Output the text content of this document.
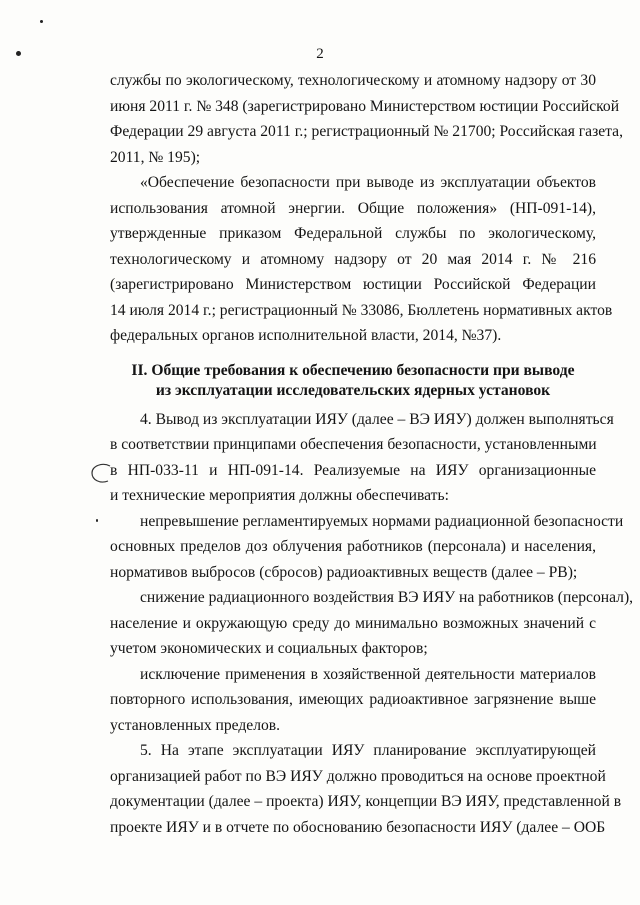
2
службы по экологическому, технологическому и атомному надзору от 30
июня 2011 г. № 348 (зарегистрировано Министерством юстиции Российской
Федерации 29 августа 2011 г.; регистрационный № 21700; Российская газета,
2011, № 195);
«Обеспечение безопасности при выводе из эксплуатации объектов
использования атомной энергии. Общие положения» (НП-091-14),
утвержденные приказом Федеральной службы по экологическому,
технологическому и атомному надзору от 20 мая 2014 г. № 216
(зарегистрировано Министерством юстиции Российской Федерации
14 июля 2014 г.; регистрационный № 33086, Бюллетень нормативных актов
федеральных органов исполнительной власти, 2014, №37).
II. Общие требования к обеспечению безопасности при выводе
из эксплуатации исследовательских ядерных установок
4. Вывод из эксплуатации ИЯУ (далее – ВЭ ИЯУ) должен выполняться
в соответствии принципами обеспечения безопасности, установленными
в НП-033-11 и НП-091-14. Реализуемые на ИЯУ организационные
и технические мероприятия должны обеспечивать:
непревышение регламентируемых нормами радиационной безопасности
основных пределов доз облучения работников (персонала) и населения,
нормативов выбросов (сбросов) радиоактивных веществ (далее – РВ);
снижение радиационного воздействия ВЭ ИЯУ на работников (персонал),
население и окружающую среду до минимально возможных значений с
учетом экономических и социальных факторов;
исключение применения в хозяйственной деятельности материалов
повторного использования, имеющих радиоактивное загрязнение выше
установленных пределов.
5. На этапе эксплуатации ИЯУ планирование эксплуатирующей
организацией работ по ВЭ ИЯУ должно проводиться на основе проектной
документации (далее – проекта) ИЯУ, концепции ВЭ ИЯУ, представленной в
проекте ИЯУ и в отчете по обоснованию безопасности ИЯУ (далее – ООБ
